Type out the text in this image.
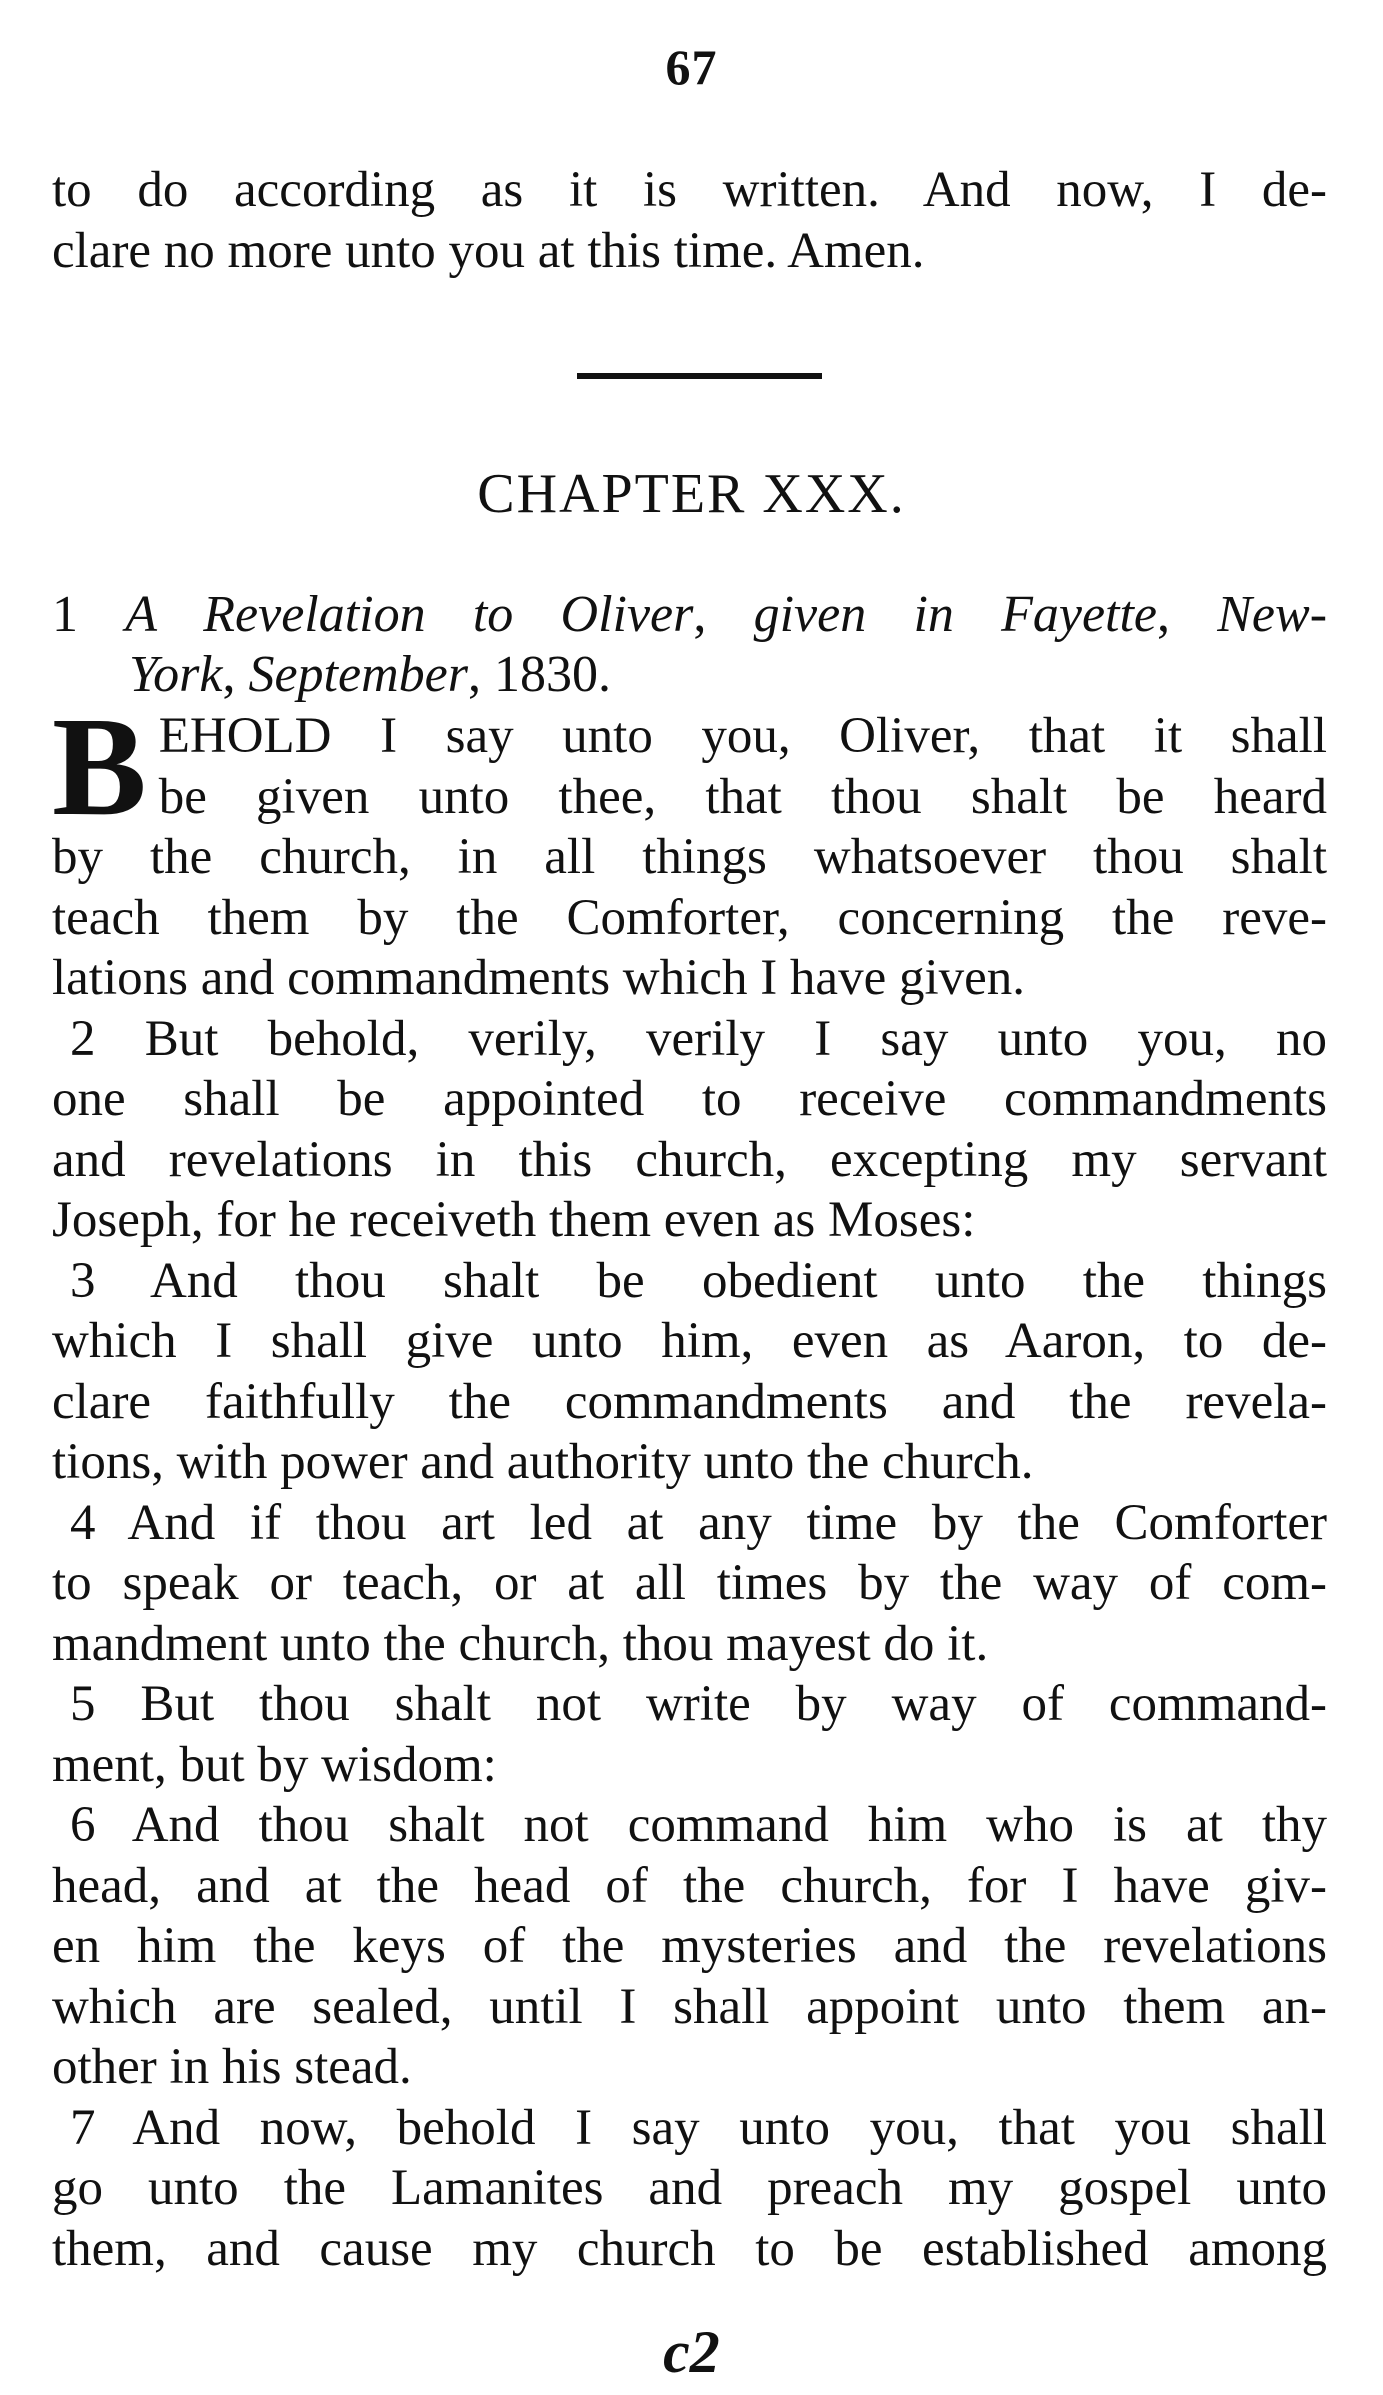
67
to do according as it is written. And now, I de-
clare no more unto you at this time. Amen.
CHAPTER XXX.
1 A Revelation to Oliver, given in Fayette, New-
York, September, 1830.
B EHOLD I say unto you, Oliver, that it shall
be given unto thee, that thou shalt be heard
by the church, in all things whatsoever thou shalt
teach them by the Comforter, concerning the reve-
lations and commandments which I have given.
2 But behold, verily, verily I say unto you, no
one shall be appointed to receive commandments
and revelations in this church, excepting my servant
Joseph, for he receiveth them even as Moses:
3 And thou shalt be obedient unto the things
which I shall give unto him, even as Aaron, to de-
clare faithfully the commandments and the revela-
tions, with power and authority unto the church.
4 And if thou art led at any time by the Comforter
to speak or teach, or at all times by the way of com-
mandment unto the church, thou mayest do it.
5 But thou shalt not write by way of command-
ment, but by wisdom:
6 And thou shalt not command him who is at thy
head, and at the head of the church, for I have giv-
en him the keys of the mysteries and the revelations
which are sealed, until I shall appoint unto them an-
other in his stead.
7 And now, behold I say unto you, that you shall
go unto the Lamanites and preach my gospel unto
them, and cause my church to be established among
c2
